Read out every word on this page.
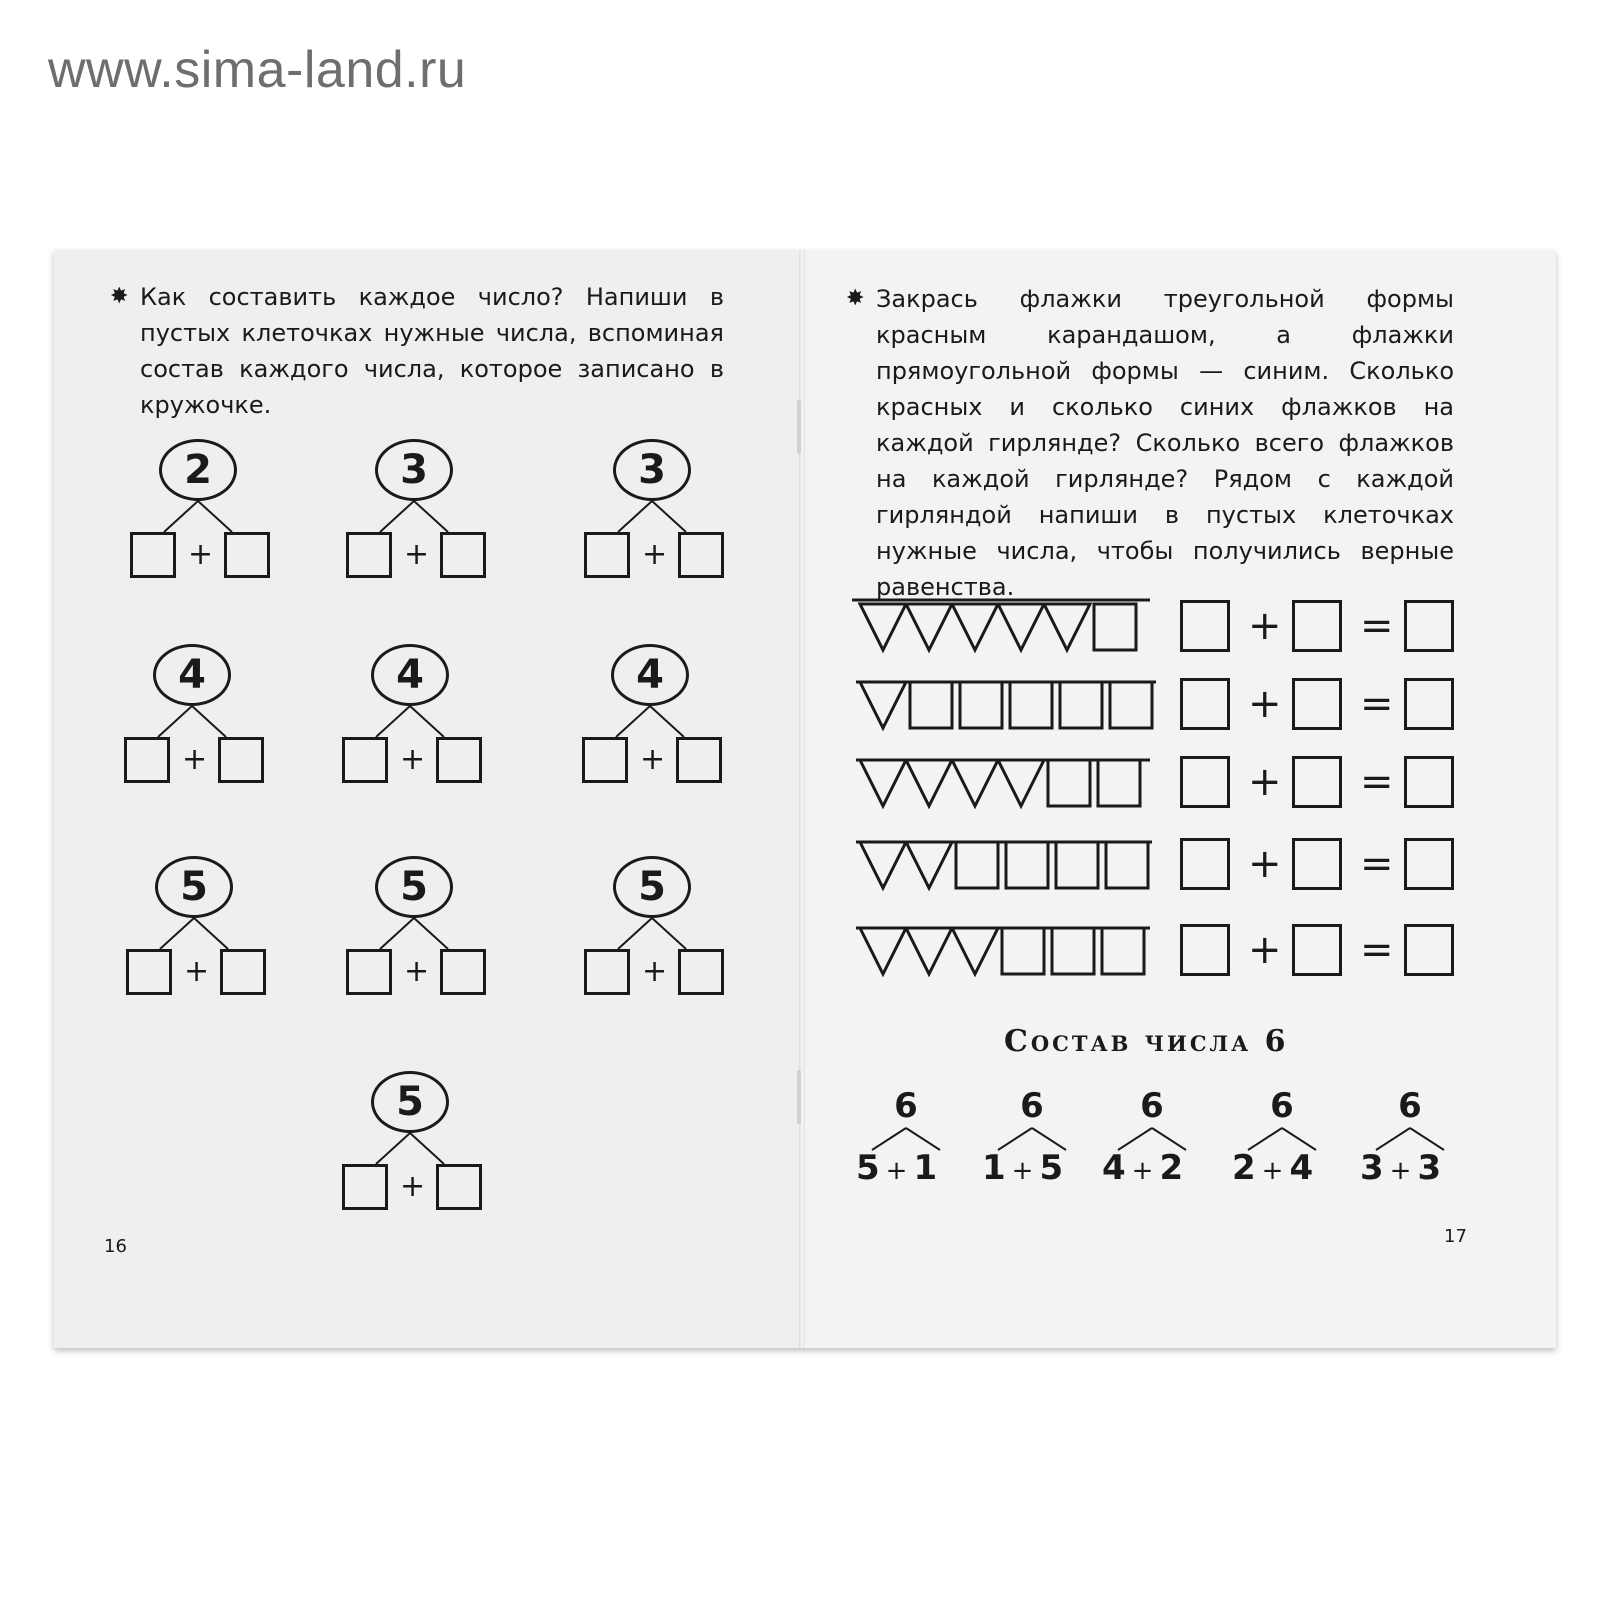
www.sima-land.ru
✸ Как составить каждое число? Напиши в пустых клеточках нужные числа, вспоминая состав каждого числа, которое записано в кружочке.

2
+
3
+
3
+
4
+
4
+
4
+
5
+
5
+
5
+
5
+
16
✸ Закрась флажки треугольной формы красным карандашом, а флажки прямоугольной формы — синим. Сколько красных и сколько синих флажков на каждой гирлянде? Сколько всего флажков на каждой гирлянде? Рядом с каждой гирляндой напиши в пустых клеточках нужные числа, чтобы получились верные равенства.

+ =
+ =
+ =
+ =
+ =
Состав числа 6
6
5 + 1
6
1 + 5
6
4 + 2
6
2 + 4
6
3 + 3
17
